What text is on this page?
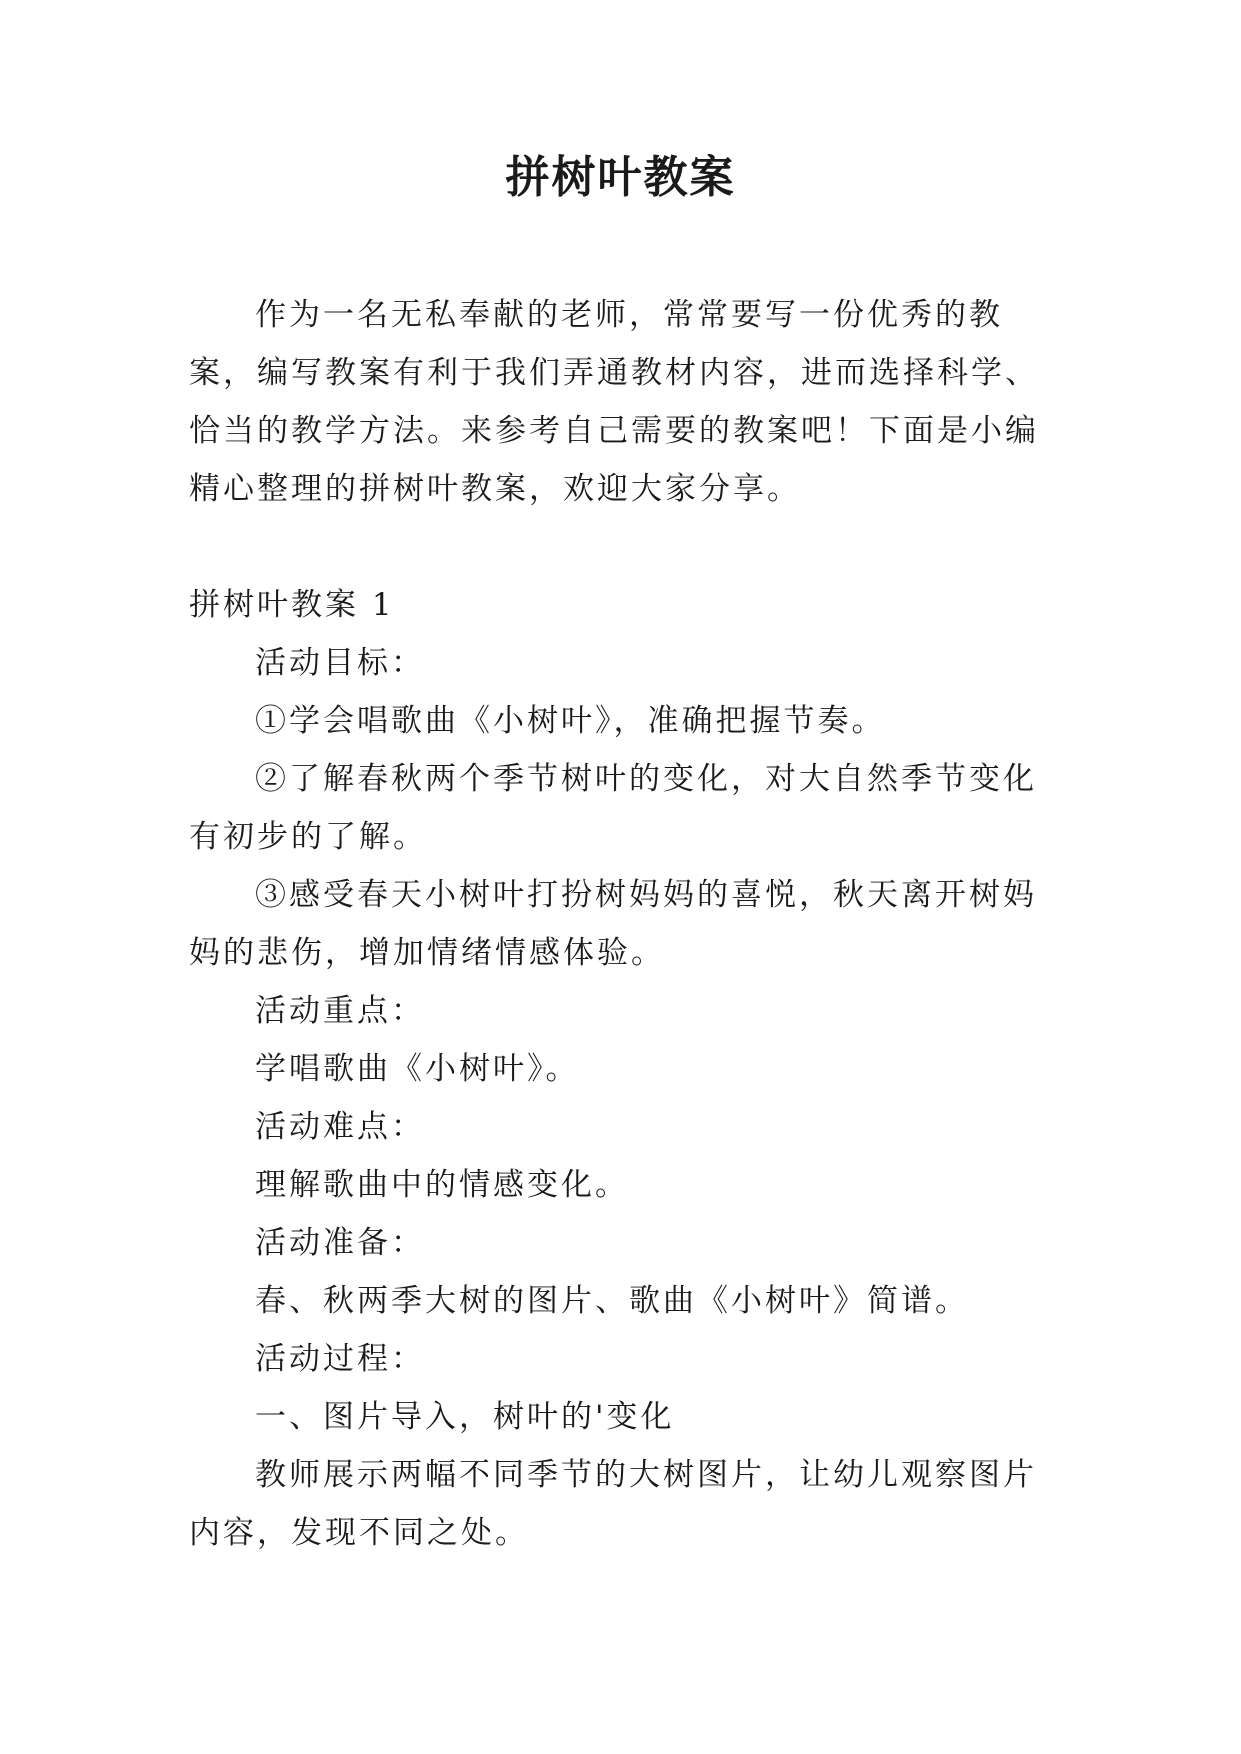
拼树叶教案

作为一名无私奉献的老师，常常要写一份优秀的教案，编写教案有利于我们弄通教材内容，进而选择科学、恰当的教学方法。来参考自己需要的教案吧！下面是小编精心整理的拼树叶教案，欢迎大家分享。

拼树叶教案 1

活动目标：

①学会唱歌曲《小树叶》，准确把握节奏。

②了解春秋两个季节树叶的变化，对大自然季节变化有初步的了解。

③感受春天小树叶打扮树妈妈的喜悦，秋天离开树妈妈的悲伤，增加情绪情感体验。

活动重点：

学唱歌曲《小树叶》。

活动难点：

理解歌曲中的情感变化。

活动准备：

春、秋两季大树的图片、歌曲《小树叶》简谱。

活动过程：

一、图片导入，树叶的'变化

教师展示两幅不同季节的大树图片，让幼儿观察图片内容，发现不同之处。
